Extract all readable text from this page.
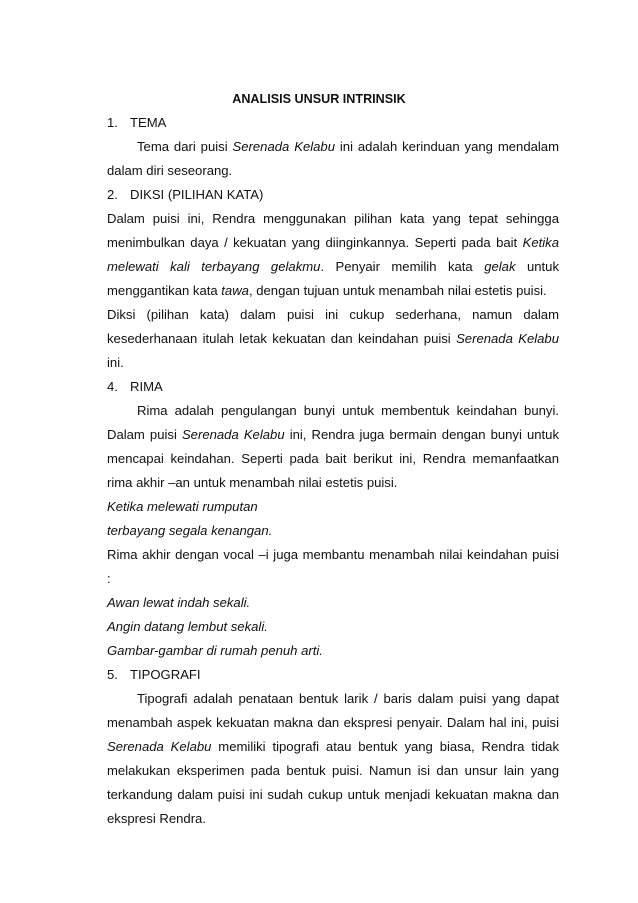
ANALISIS UNSUR INTRINSIK
1. TEMA
Tema dari puisi Serenada Kelabu ini adalah kerinduan yang mendalam
dalam diri seseorang.
2. DIKSI (PILIHAN KATA)
Dalam puisi ini, Rendra menggunakan pilihan kata yang tepat sehingga
menimbulkan daya / kekuatan yang diinginkannya. Seperti pada bait Ketika
melewati kali terbayang gelakmu. Penyair memilih kata gelak untuk
menggantikan kata tawa, dengan tujuan untuk menambah nilai estetis puisi.
Diksi (pilihan kata) dalam puisi ini cukup sederhana, namun dalam
kesederhanaan itulah letak kekuatan dan keindahan puisi Serenada Kelabu
ini.
4. RIMA
Rima adalah pengulangan bunyi untuk membentuk keindahan bunyi.
Dalam puisi Serenada Kelabu ini, Rendra juga bermain dengan bunyi untuk
mencapai keindahan. Seperti pada bait berikut ini, Rendra memanfaatkan
rima akhir –an untuk menambah nilai estetis puisi.
Ketika melewati rumputan
terbayang segala kenangan.
Rima akhir dengan vocal –i juga membantu menambah nilai keindahan puisi
:
Awan lewat indah sekali.
Angin datang lembut sekali.
Gambar-gambar di rumah penuh arti.
5. TIPOGRAFI
Tipografi adalah penataan bentuk larik / baris dalam puisi yang dapat
menambah aspek kekuatan makna dan ekspresi penyair. Dalam hal ini, puisi
Serenada Kelabu memiliki tipografi atau bentuk yang biasa, Rendra tidak
melakukan eksperimen pada bentuk puisi. Namun isi dan unsur lain yang
terkandung dalam puisi ini sudah cukup untuk menjadi kekuatan makna dan
ekspresi Rendra.
